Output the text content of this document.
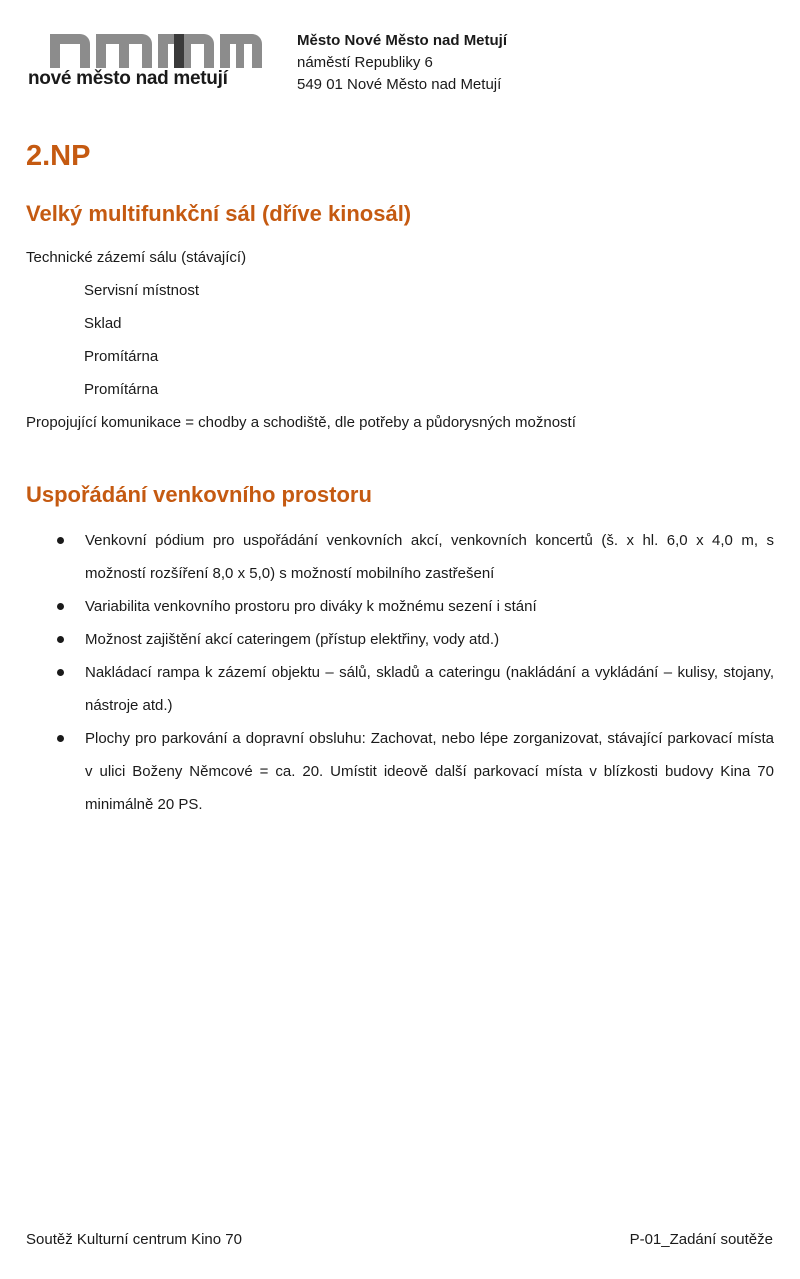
nové město nad metují
Město Nové Město nad Metují
náměstí Republiky 6
549 01 Nové Město nad Metují
2.NP
Velký multifunkční sál (dříve kinosál)
Technické zázemí sálu (stávající)
Servisní místnost
Sklad
Promítárna
Promítárna
Propojující komunikace = chodby a schodiště, dle potřeby a půdorysných možností
Uspořádání venkovního prostoru
Venkovní pódium pro uspořádání venkovních akcí, venkovních koncertů (š. x hl. 6,0 x 4,0 m, s možností rozšíření 8,0 x 5,0) s možností mobilního zastřešení
Variabilita venkovního prostoru pro diváky k možnému sezení i stání
Možnost zajištění akcí cateringem (přístup elektřiny, vody atd.)
Nakládací rampa k zázemí objektu – sálů, skladů a cateringu (nakládání a vykládání – kulisy, stojany, nástroje atd.)
Plochy pro parkování a dopravní obsluhu: Zachovat, nebo lépe zorganizovat, stávající parkovací místa v ulici Boženy Němcové = ca. 20. Umístit ideově další parkovací místa v blízkosti budovy Kina 70 minimálně 20 PS.
Soutěž Kulturní centrum Kino 70	P-01_Zadání soutěže
